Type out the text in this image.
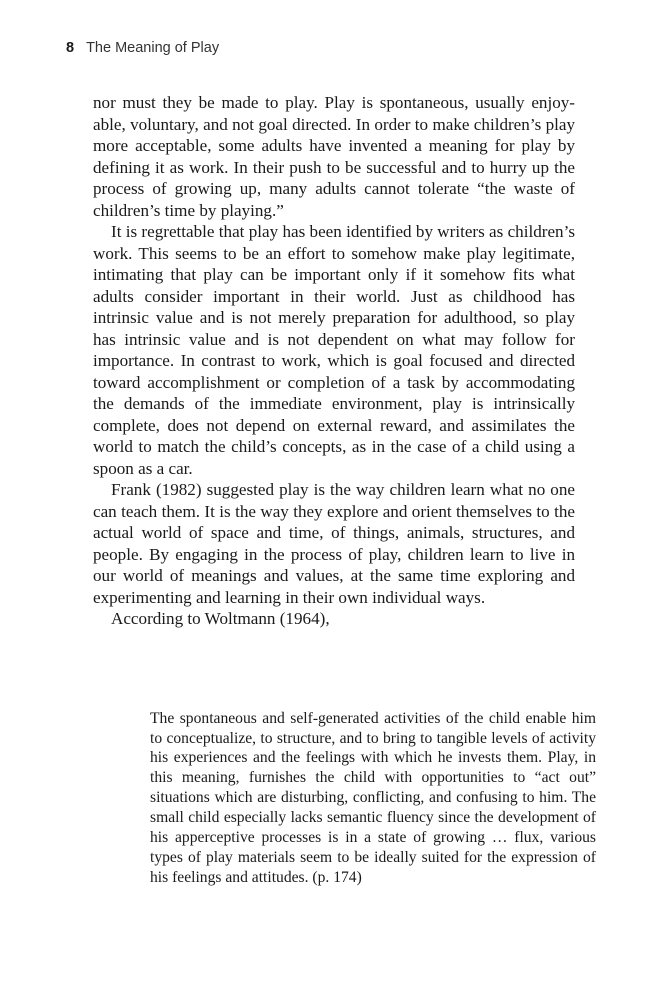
8 The Meaning of Play

nor must they be made to play. Play is spontaneous, usually enjoyable, voluntary, and not goal directed. In order to make children’s play more acceptable, some adults have invented a meaning for play by defining it as work. In their push to be successful and to hurry up the process of growing up, many adults cannot tolerate “the waste of children’s time by playing.”

It is regrettable that play has been identified by writers as children’s work. This seems to be an effort to somehow make play legitimate, intimating that play can be important only if it somehow fits what adults consider important in their world. Just as childhood has intrinsic value and is not merely preparation for adulthood, so play has intrinsic value and is not dependent on what may follow for importance. In contrast to work, which is goal focused and directed toward accomplishment or completion of a task by accommodating the demands of the immediate environment, play is intrinsically complete, does not depend on external reward, and assimilates the world to match the child’s concepts, as in the case of a child using a spoon as a car.

Frank (1982) suggested play is the way children learn what no one can teach them. It is the way they explore and orient themselves to the actual world of space and time, of things, animals, structures, and people. By engaging in the process of play, children learn to live in our world of meanings and values, at the same time exploring and experimenting and learning in their own individual ways.

According to Woltmann (1964),

The spontaneous and self-generated activities of the child enable him to conceptualize, to structure, and to bring to tangible levels of activity his experiences and the feelings with which he invests them. Play, in this meaning, furnishes the child with opportunities to “act out” situations which are disturbing, conflicting, and confusing to him. The small child especially lacks semantic fluency since the development of his apperceptive processes is in a state of growing … flux, various types of play materials seem to be ideally suited for the expression of his feelings and attitudes. (p. 174)
